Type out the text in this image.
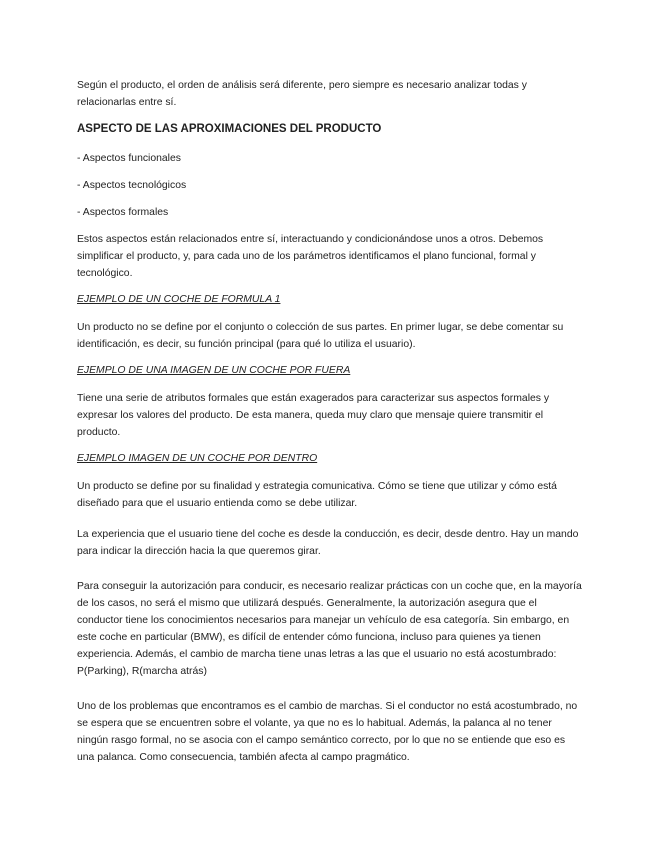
Según el producto, el orden de análisis será diferente, pero siempre es necesario analizar todas y relacionarlas entre sí.

ASPECTO DE LAS APROXIMACIONES DEL PRODUCTO

- Aspectos funcionales

- Aspectos tecnológicos

- Aspectos formales

Estos aspectos están relacionados entre sí, interactuando y condicionándose unos a otros. Debemos simplificar el producto, y, para cada uno de los parámetros identificamos el plano funcional, formal y tecnológico.

EJEMPLO DE UN COCHE DE FORMULA 1

Un producto no se define por el conjunto o colección de sus partes. En primer lugar, se debe comentar su identificación, es decir, su función principal (para qué lo utiliza el usuario).

EJEMPLO DE UNA IMAGEN DE UN COCHE POR FUERA

Tiene una serie de atributos formales que están exagerados para caracterizar sus aspectos formales y expresar los valores del producto. De esta manera, queda muy claro que mensaje quiere transmitir el producto.

EJEMPLO IMAGEN DE UN COCHE POR DENTRO

Un producto se define por su finalidad y estrategia comunicativa. Cómo se tiene que utilizar y cómo está diseñado para que el usuario entienda como se debe utilizar.

La experiencia que el usuario tiene del coche es desde la conducción, es decir, desde dentro. Hay un mando para indicar la dirección hacia la que queremos girar.

Para conseguir la autorización para conducir, es necesario realizar prácticas con un coche que, en la mayoría de los casos, no será el mismo que utilizará después. Generalmente, la autorización asegura que el conductor tiene los conocimientos necesarios para manejar un vehículo de esa categoría. Sin embargo, en este coche en particular (BMW), es difícil de entender cómo funciona, incluso para quienes ya tienen experiencia. Además, el cambio de marcha tiene unas letras a las que el usuario no está acostumbrado: P(Parking), R(marcha atrás)

Uno de los problemas que encontramos es el cambio de marchas. Si el conductor no está acostumbrado, no se espera que se encuentren sobre el volante, ya que no es lo habitual. Además, la palanca al no tener ningún rasgo formal, no se asocia con el campo semántico correcto, por lo que no se entiende que eso es una palanca. Como consecuencia, también afecta al campo pragmático.
